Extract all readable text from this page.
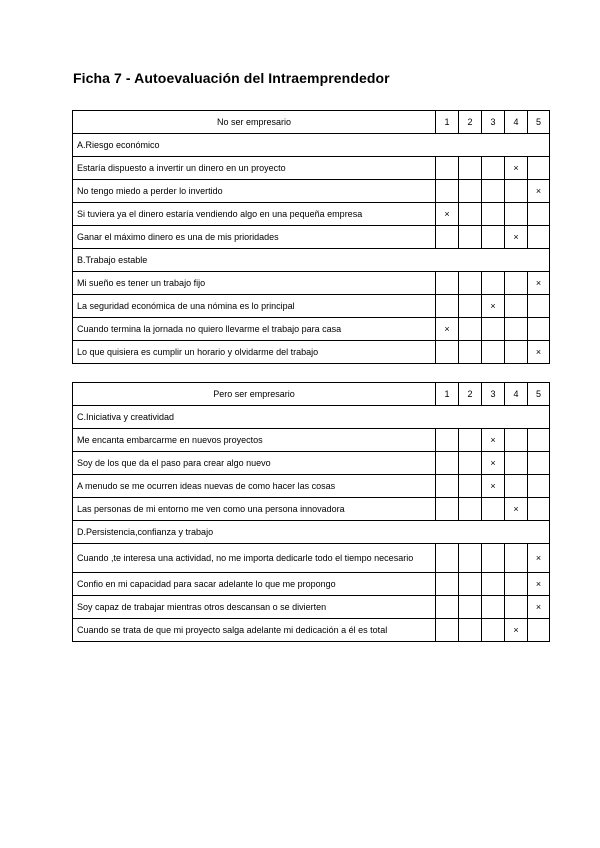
Ficha 7 - Autoevaluación del Intraemprendedor
No ser empresario	1	2	3	4	5
A.Riesgo económico					
Estaría dispuesto a invertir un dinero en un proyecto				×	
No tengo miedo a perder lo invertido					×
Si tuviera ya el dinero estaría vendiendo algo en una pequeña empresa	×				
Ganar el máximo dinero es una de mis prioridades				×	
B.Trabajo estable					
Mi sueño es tener un trabajo fijo					×
La seguridad económica de una nómina es lo principal			×		
Cuando termina la jornada no quiero llevarme el trabajo para casa	×				
Lo que quisiera es cumplir un horario y olvidarme del trabajo					×
Pero ser empresario	1	2	3	4	5
C.Iniciativa y creatividad					
Me encanta embarcarme en nuevos proyectos			×		
Soy de los que da el paso para crear algo nuevo			×		
A menudo se me ocurren ideas nuevas de como hacer las cosas			×		
Las personas de mi entorno me ven como una persona innovadora				×	
D.Persistencia,confianza y trabajo					
Cuando ,te interesa una actividad, no me importa dedicarle todo el tiempo necesario					×
Confio en mi capacidad para sacar adelante lo que me propongo					×
Soy capaz de trabajar mientras otros descansan o se divierten					×
Cuando se trata de que mi proyecto salga adelante mi dedicación a él es total				×	
